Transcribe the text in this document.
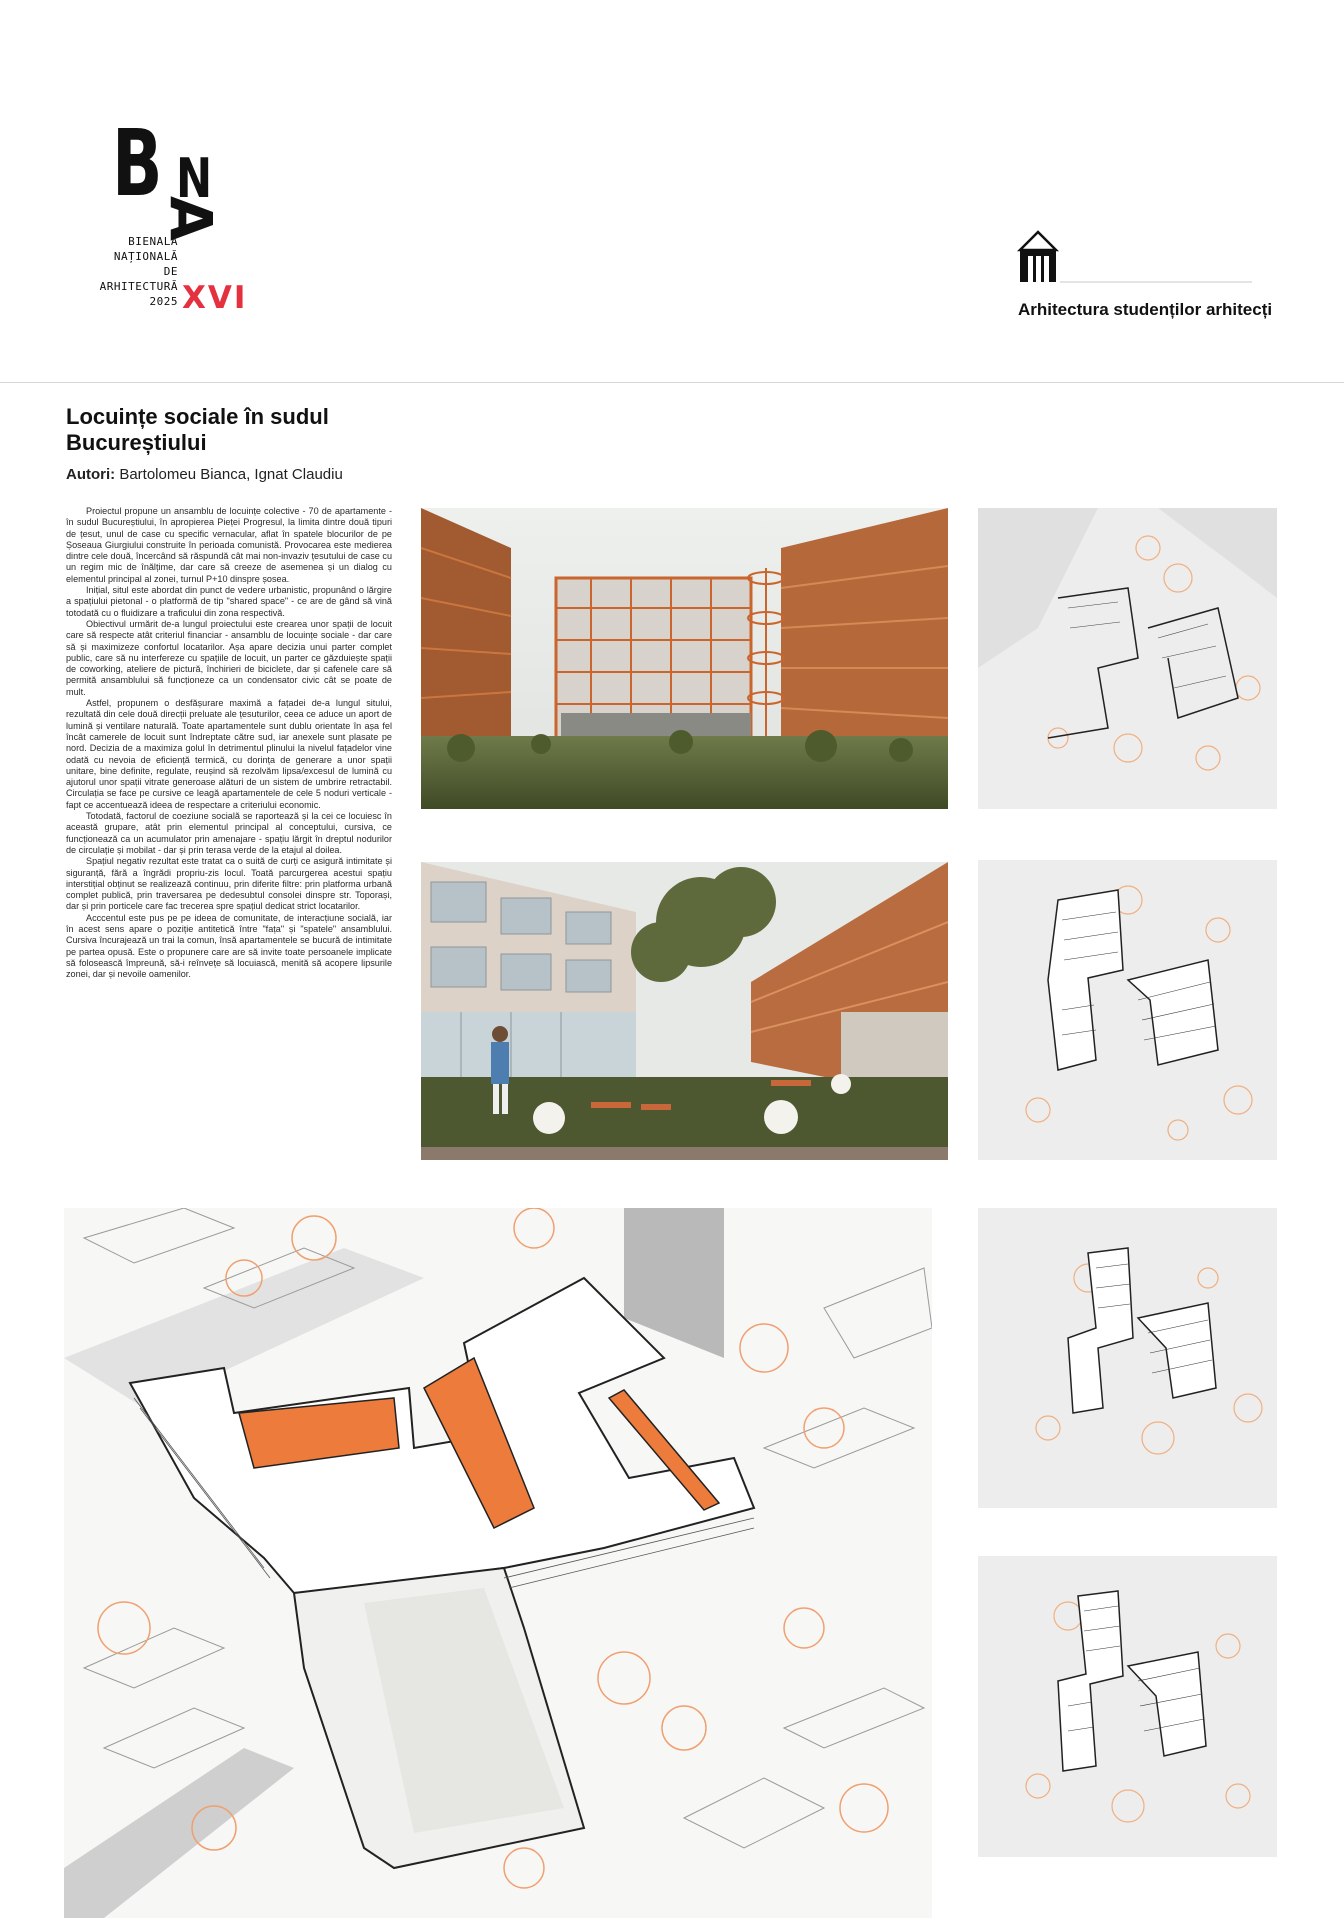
B N
A
BIENALA
NAȚIONALĂ
DE
ARHITECTURĂ
2025 XVI	Arhitectura studenților arhitecți
Locuințe sociale în sudul Bucureștiului
Autori: Bartolomeu Bianca, Ignat Claudiu

Proiectul propune un ansamblu de locuințe colective - 70 de apartamente - în sudul Bucureștiului, în apropierea Pieței Progresul, la limita dintre două tipuri de țesut, unul de case cu specific vernacular, aflat în spatele blocurilor de pe Șoseaua Giurgiului construite în perioada comunistă. Provocarea este medierea dintre cele două, încercând să răspundă cât mai non-invaziv țesutului de case cu un regim mic de înălțime, dar care să creeze de asemenea și un dialog cu elementul principal al zonei, turnul P+10 dinspre șosea.

Inițial, situl este abordat din punct de vedere urbanistic, propunând o lărgire a spațiului pietonal - o platformă de tip "shared space" - ce are de gând să vină totodată cu o fluidizare a traficului din zona respectivă.

Obiectivul urmărit de-a lungul proiectului este crearea unor spații de locuit care să respecte atât criteriul financiar - ansamblu de locuințe sociale - dar care să și maximizeze confortul locatarilor. Așa apare decizia unui parter complet public, care să nu interfereze cu spațiile de locuit, un parter ce găzduiește spații de coworking, ateliere de pictură, închirieri de biciclete, dar și cafenele care să permită ansamblului să funcționeze ca un condensator civic cât se poate de mult.

Astfel, propunem o desfășurare maximă a fațadei de-a lungul sitului, rezultată din cele două direcții preluate ale țesuturilor, ceea ce aduce un aport de lumină și ventilare naturală. Toate apartamentele sunt dublu orientate în așa fel încât camerele de locuit sunt îndreptate către sud, iar anexele sunt plasate pe nord. Decizia de a maximiza golul în detrimentul plinului la nivelul fațadelor vine odată cu nevoia de eficiență termică, cu dorința de generare a unor spații unitare, bine definite, regulate, reușind să rezolvăm lipsa/excesul de lumină cu ajutorul unor spații vitrate generoase alături de un sistem de umbrire retractabil. Circulația se face pe cursive ce leagă apartamentele de cele 5 noduri verticale - fapt ce accentuează ideea de respectare a criteriului economic.

Totodată, factorul de coeziune socială se raportează și la cei ce locuiesc în această grupare, atât prin elementul principal al conceptului, cursiva, ce funcționează ca un acumulator prin amenajare - spațiu lărgit în dreptul nodurilor de circulație și mobilat - dar și prin terasa verde de la etajul al doilea.

Spațiul negativ rezultat este tratat ca o suită de curți ce asigură intimitate și siguranță, fără a îngrădi propriu-zis locul. Toată parcurgerea acestui spațiu interstițial obținut se realizează continuu, prin diferite filtre: prin platforma urbană complet publică, prin traversarea pe dedesubtul consolei dinspre str. Toporași, dar și prin porticele care fac trecerea spre spațiul dedicat strict locatarilor.

Acccentul este pus pe pe ideea de comunitate, de interacțiune socială, iar în acest sens apare o poziție antitetică între "fața" și "spatele" ansamblului. Cursiva încurajează un trai la comun, însă apartamentele se bucură de intimitate pe partea opusă. Este o propunere care are să invite toate persoanele implicate să folosească împreună, să-i reînvețe să locuiască, menită să acopere lipsurile zonei, dar și nevoile oamenilor.
